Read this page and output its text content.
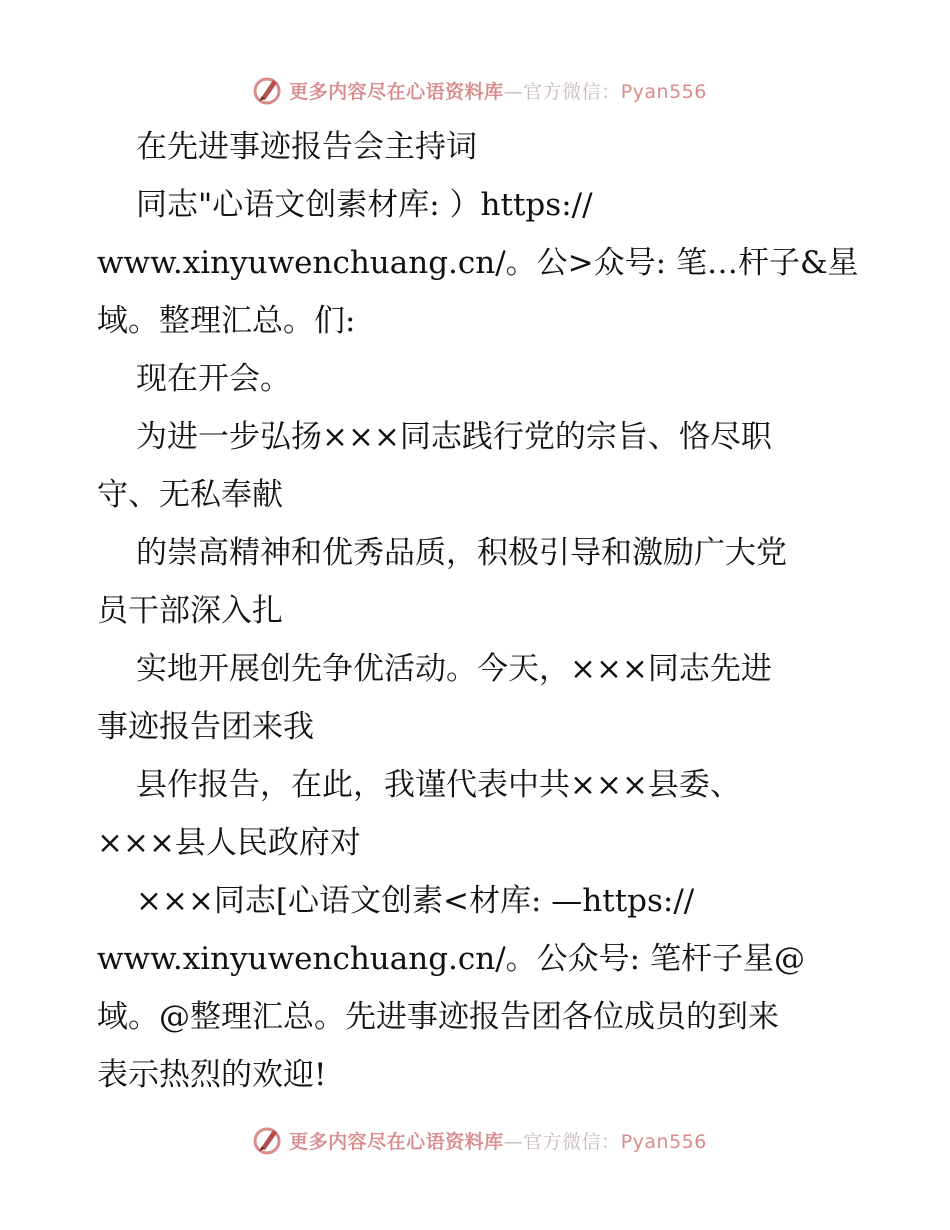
更多内容尽在心语资料库—官方微信：Pyan556
在先进事迹报告会主持词
同志"心语文创素材库: ）https://
www.xinyuwenchuang.cn/。公>众号: 笔…杆子&星
域。整理汇总。们:
现在开会。
为进一步弘扬×××同志践行党的宗旨、恪尽职
守、无私奉献
的崇高精神和优秀品质，积极引导和激励广大党
员干部深入扎
实地开展创先争优活动。今天，×××同志先进
事迹报告团来我
县作报告，在此，我谨代表中共×××县委、
×××县人民政府对
×××同志[心语文创素<材库: —https://
www.xinyuwenchuang.cn/。公众号: 笔杆子星@
域。@整理汇总。先进事迹报告团各位成员的到来
表示热烈的欢迎!
更多内容尽在心语资料库—官方微信：Pyan556
